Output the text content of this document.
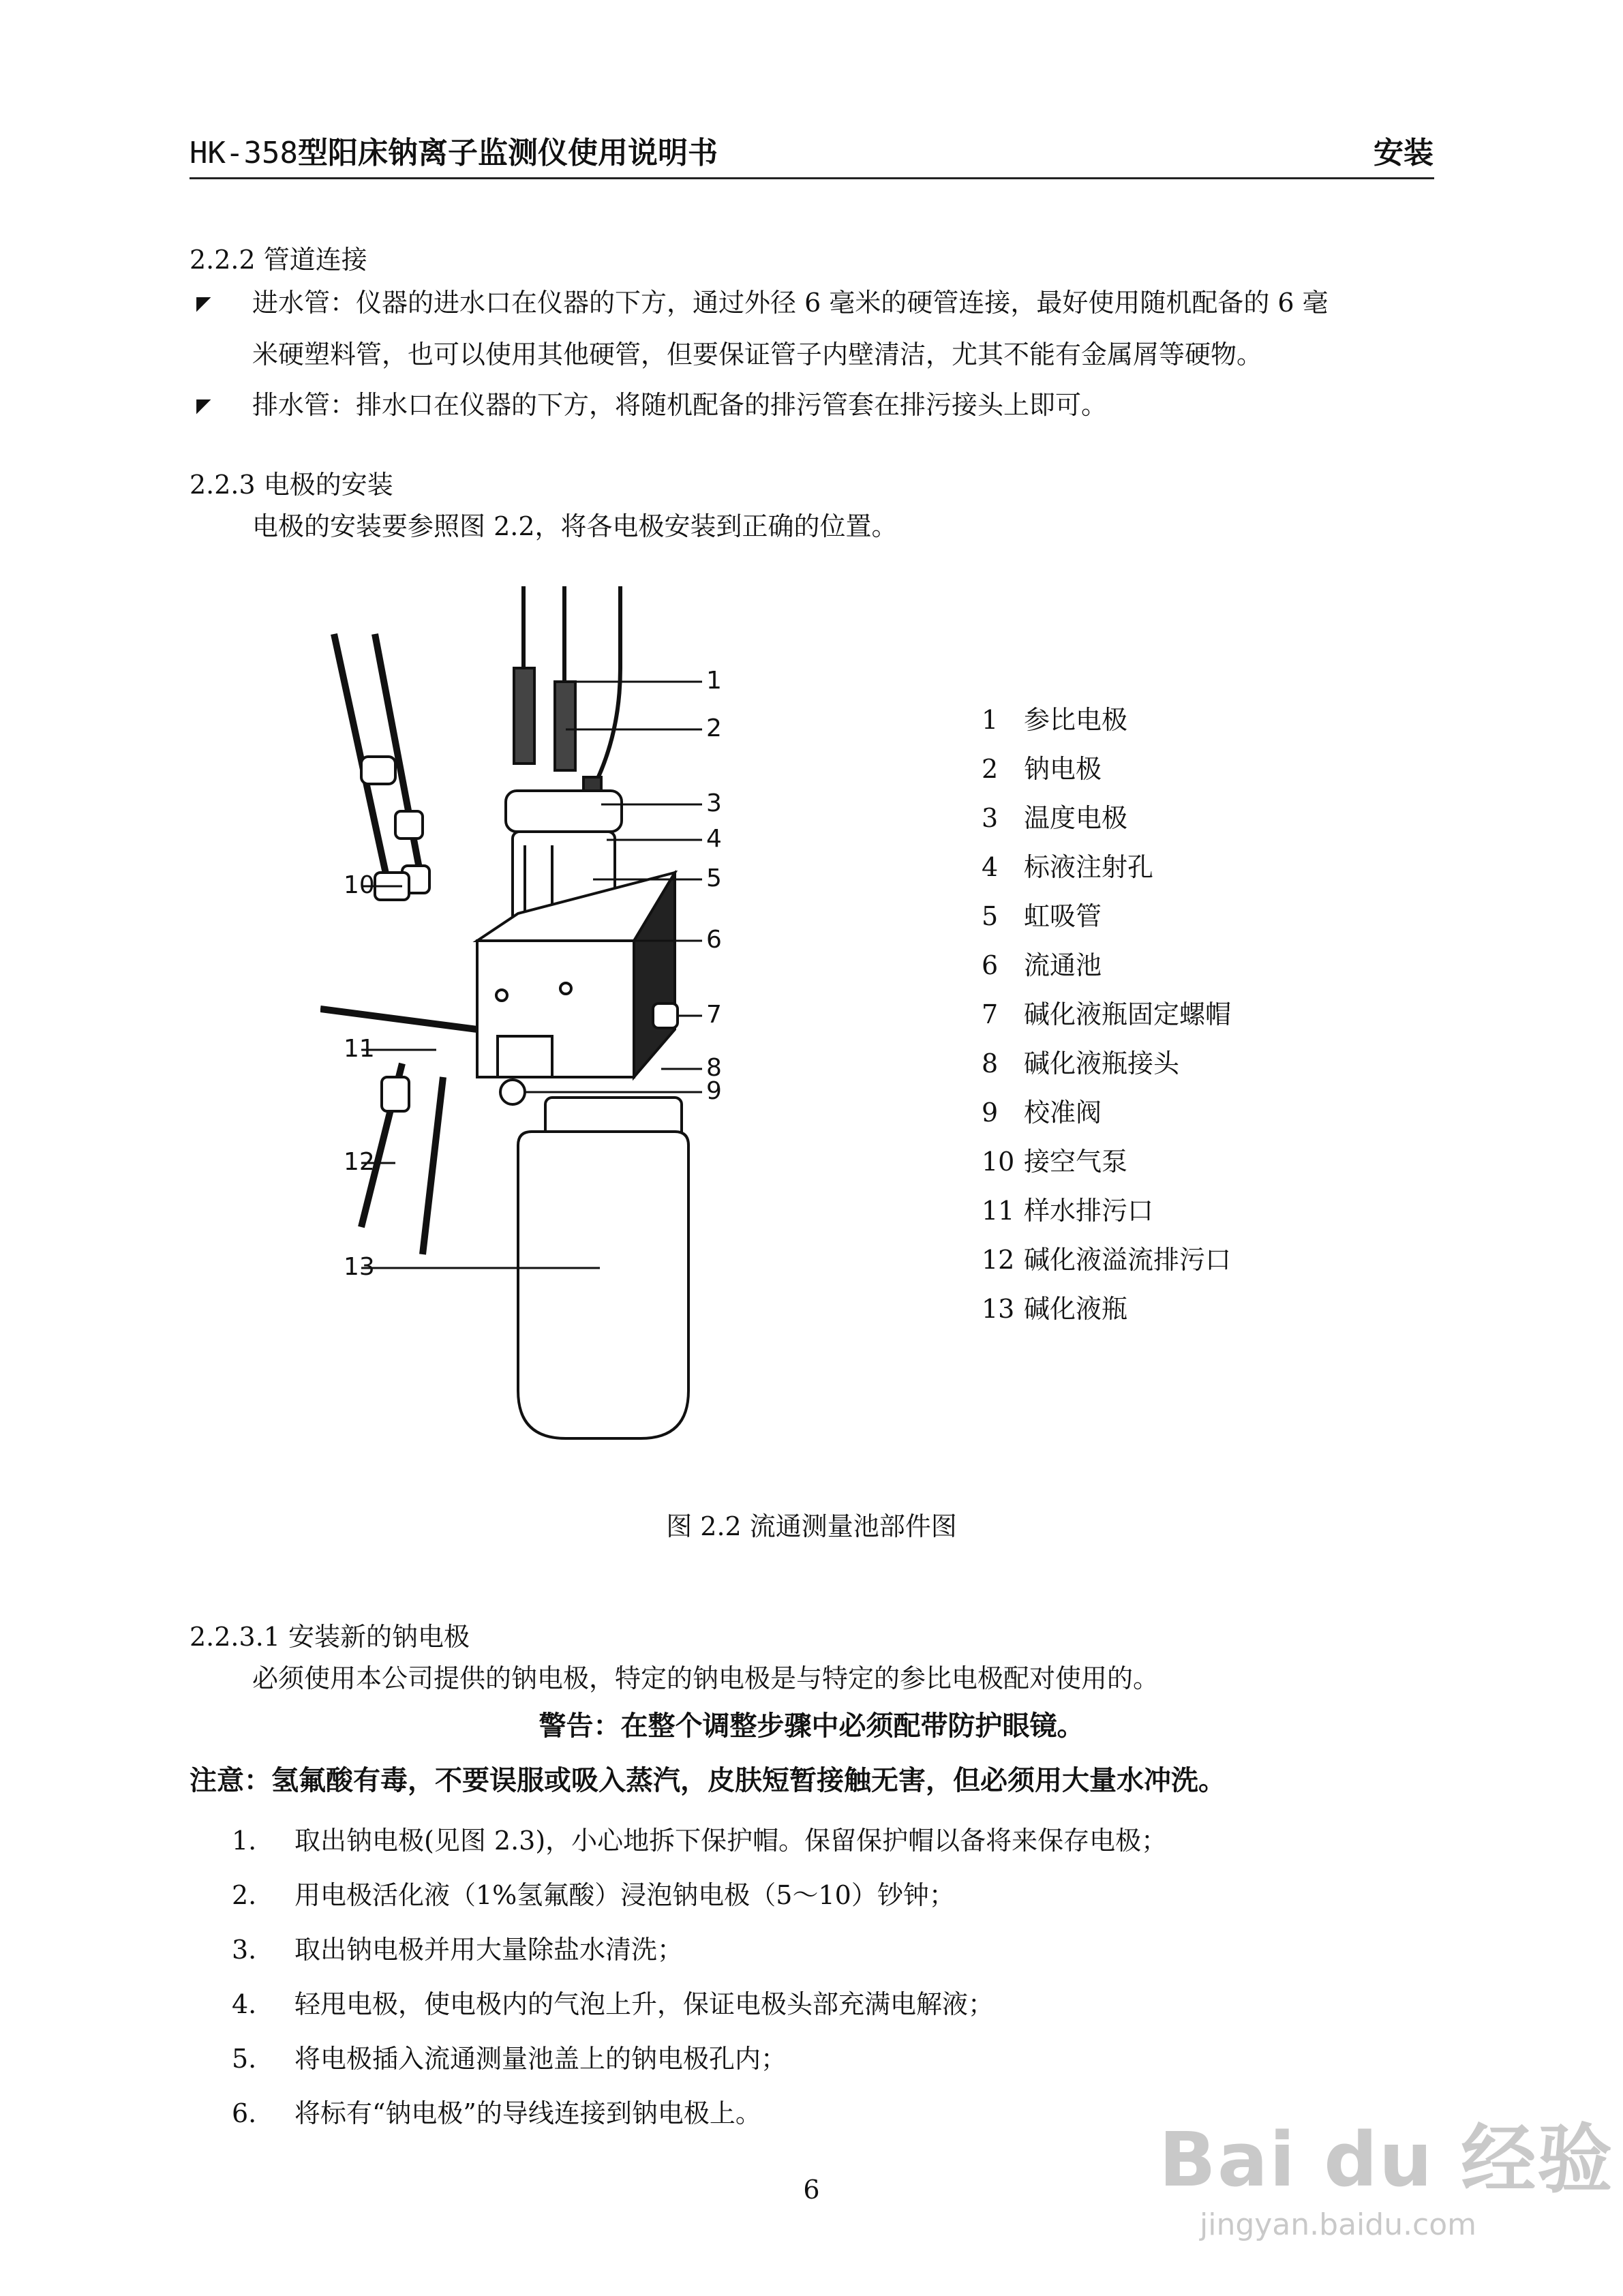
HK-358型阳床钠离子监测仪使用说明书	安装
2.2.2 管道连接
◤ 进水管：仪器的进水口在仪器的下方，通过外径 6 毫米的硬管连接，最好使用随机配备的 6 毫
米硬塑料管，也可以使用其他硬管，但要保证管子内壁清洁，尤其不能有金属屑等硬物。
◤ 排水管：排水口在仪器的下方，将随机配备的排污管套在排污接头上即可。
2.2.3 电极的安装
电极的安装要参照图 2.2，将各电极安装到正确的位置。
1
2
3
4
5
6
7
8
9
10
11
12
13
1 参比电极
2 钠电极
3 温度电极
4 标液注射孔
5 虹吸管
6 流通池
7 碱化液瓶固定螺帽
8 碱化液瓶接头
9 校准阀
10 接空气泵
11 样水排污口
12 碱化液溢流排污口
13 碱化液瓶
图 2.2 流通测量池部件图
2.2.3.1 安装新的钠电极
必须使用本公司提供的钠电极，特定的钠电极是与特定的参比电极配对使用的。
警告：在整个调整步骤中必须配带防护眼镜。
注意：氢氟酸有毒，不要误服或吸入蒸汽，皮肤短暂接触无害，但必须用大量水冲洗。
1.	取出钠电极(见图 2.3)，小心地拆下保护帽。保留保护帽以备将来保存电极；
2.	用电极活化液（1%氢氟酸）浸泡钠电极（5～10）钞钟；
3.	取出钠电极并用大量除盐水清洗；
4.	轻甩电极，使电极内的气泡上升，保证电极头部充满电解液；
5.	将电极插入流通测量池盖上的钠电极孔内；
6.	将标有“钠电极”的导线连接到钠电极上。
6	Bai du 经验
jingyan.baidu.com
